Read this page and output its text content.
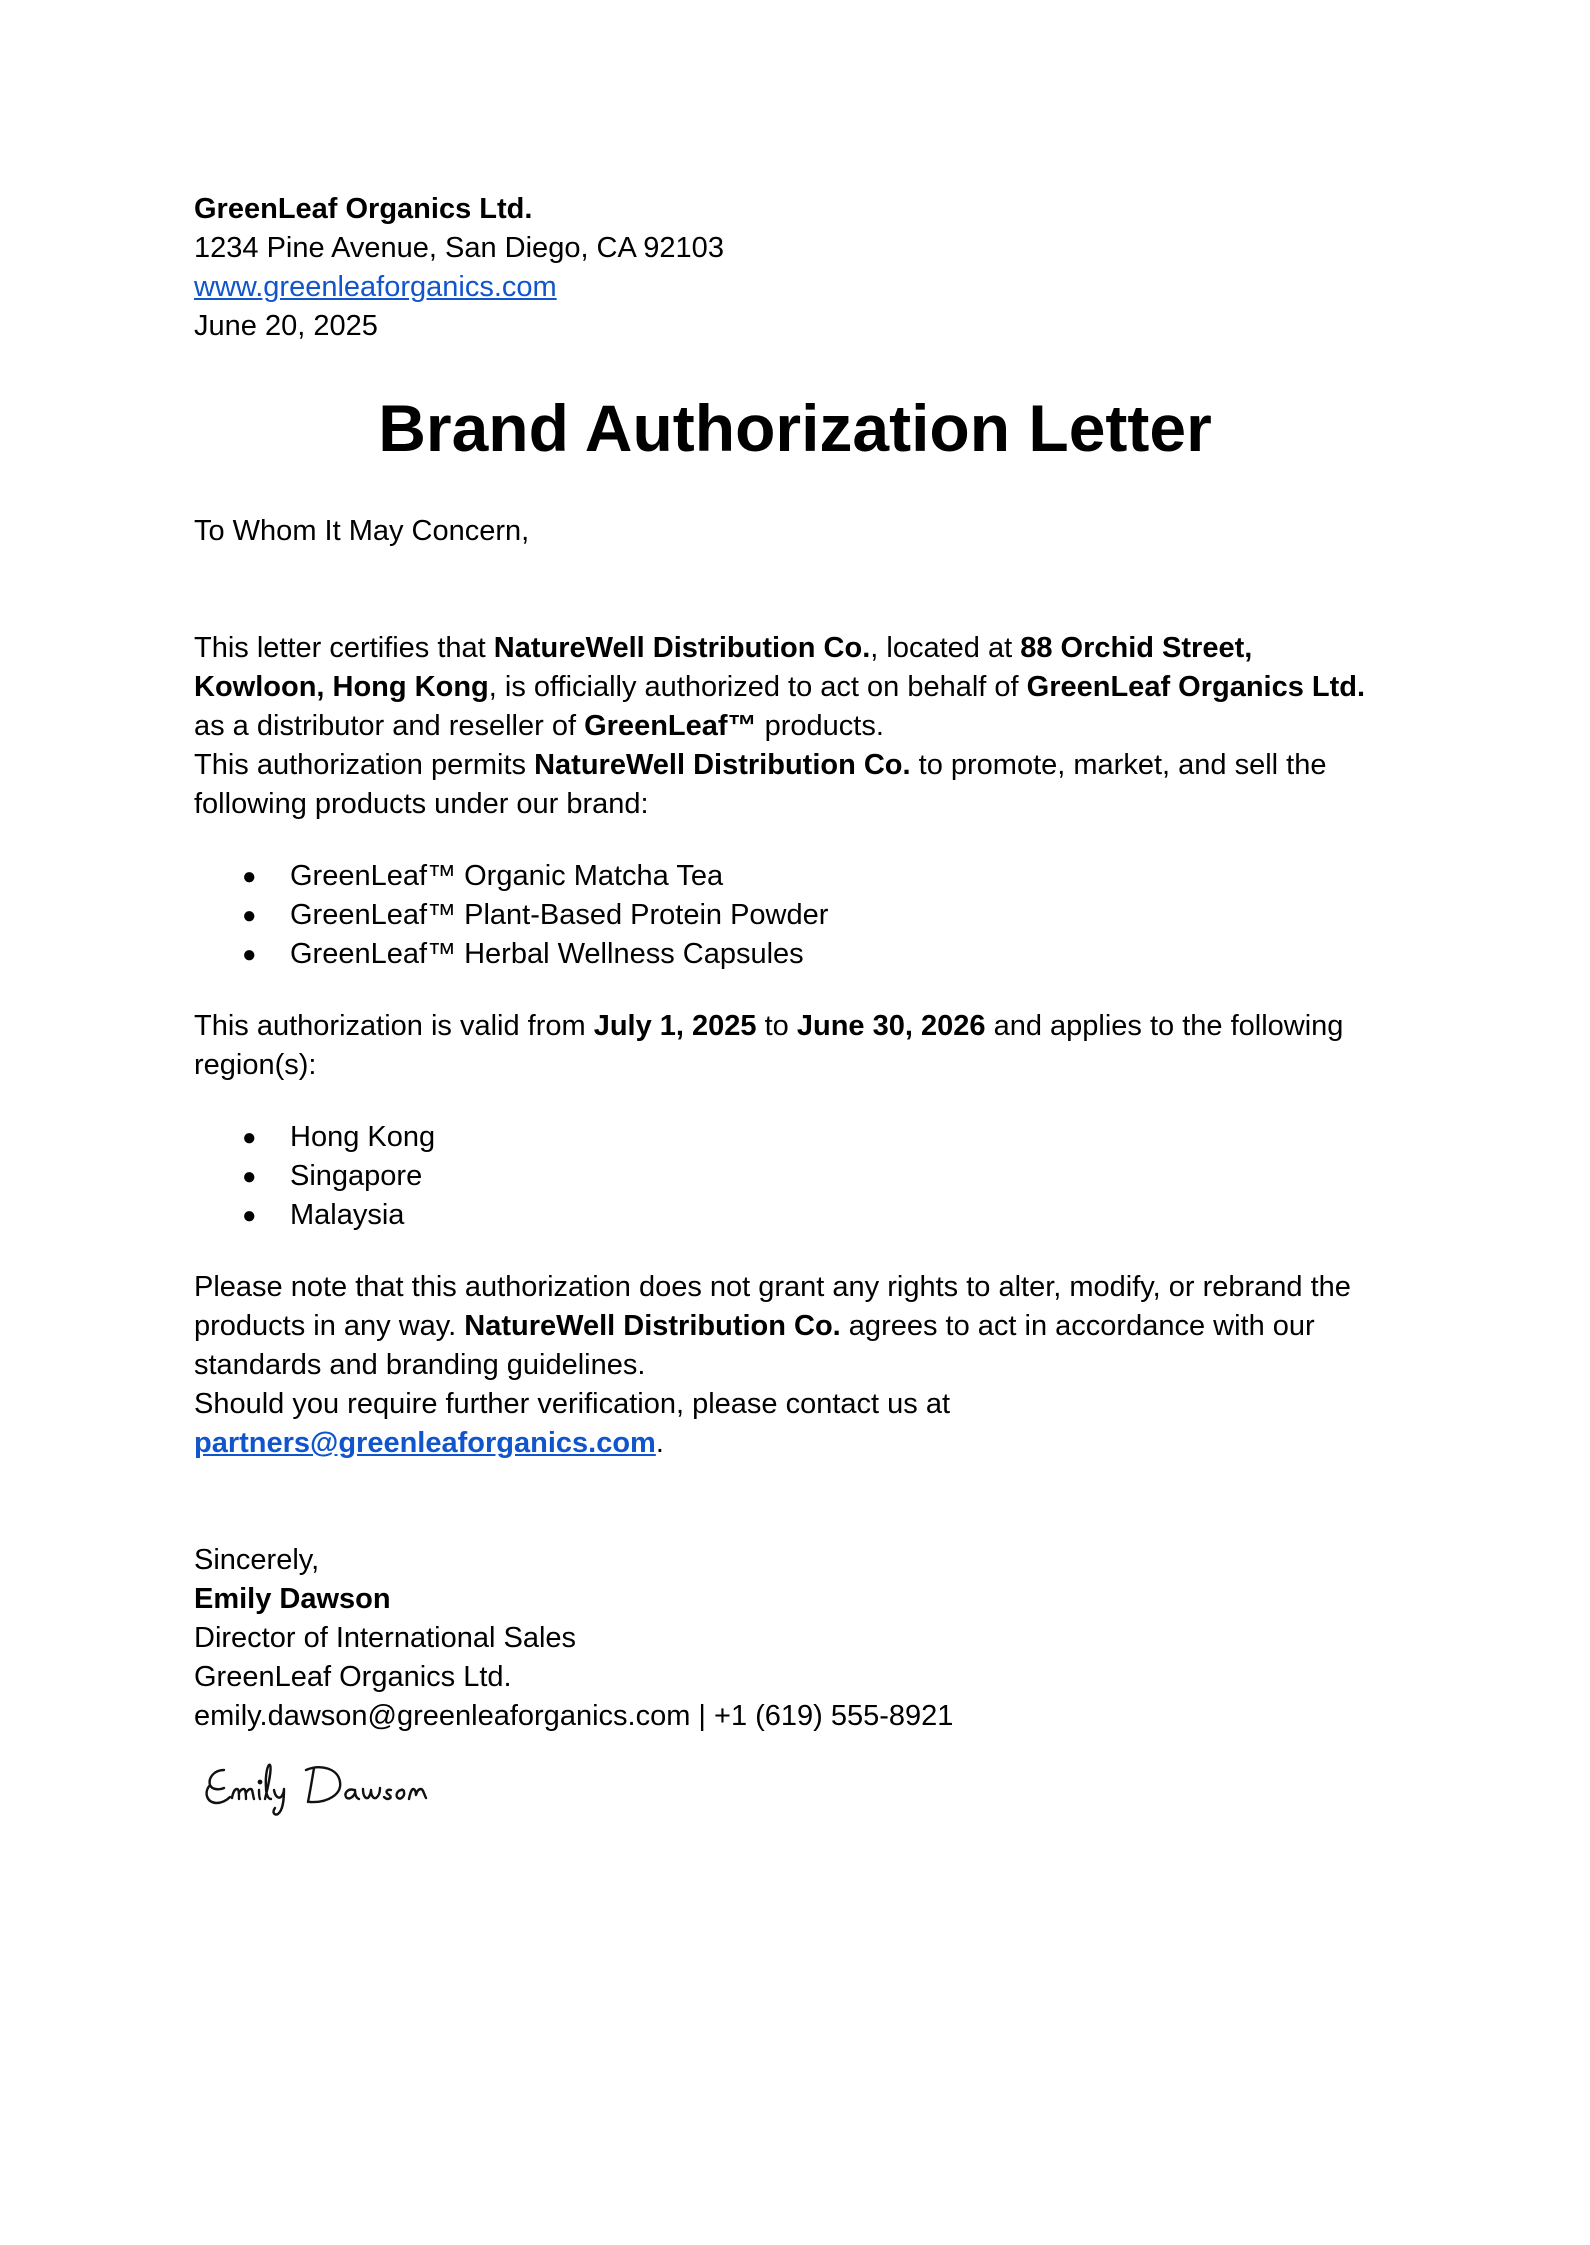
GreenLeaf Organics Ltd.
1234 Pine Avenue, San Diego, CA 92103
www.greenleaforganics.com
June 20, 2025
Brand Authorization Letter
To Whom It May Concern,
This letter certifies that NatureWell Distribution Co., located at 88 Orchid Street,
Kowloon, Hong Kong, is officially authorized to act on behalf of GreenLeaf Organics Ltd.
as a distributor and reseller of GreenLeaf™ products.
This authorization permits NatureWell Distribution Co. to promote, market, and sell the
following products under our brand:
● GreenLeaf™ Organic Matcha Tea
● GreenLeaf™ Plant-Based Protein Powder
● GreenLeaf™ Herbal Wellness Capsules
This authorization is valid from July 1, 2025 to June 30, 2026 and applies to the following
region(s):
● Hong Kong
● Singapore
● Malaysia
Please note that this authorization does not grant any rights to alter, modify, or rebrand the
products in any way. NatureWell Distribution Co. agrees to act in accordance with our
standards and branding guidelines.
Should you require further verification, please contact us at
partners@greenleaforganics.com.
Sincerely,
Emily Dawson
Director of International Sales
GreenLeaf Organics Ltd.
emily.dawson@greenleaforganics.com | +1 (619) 555-8921
